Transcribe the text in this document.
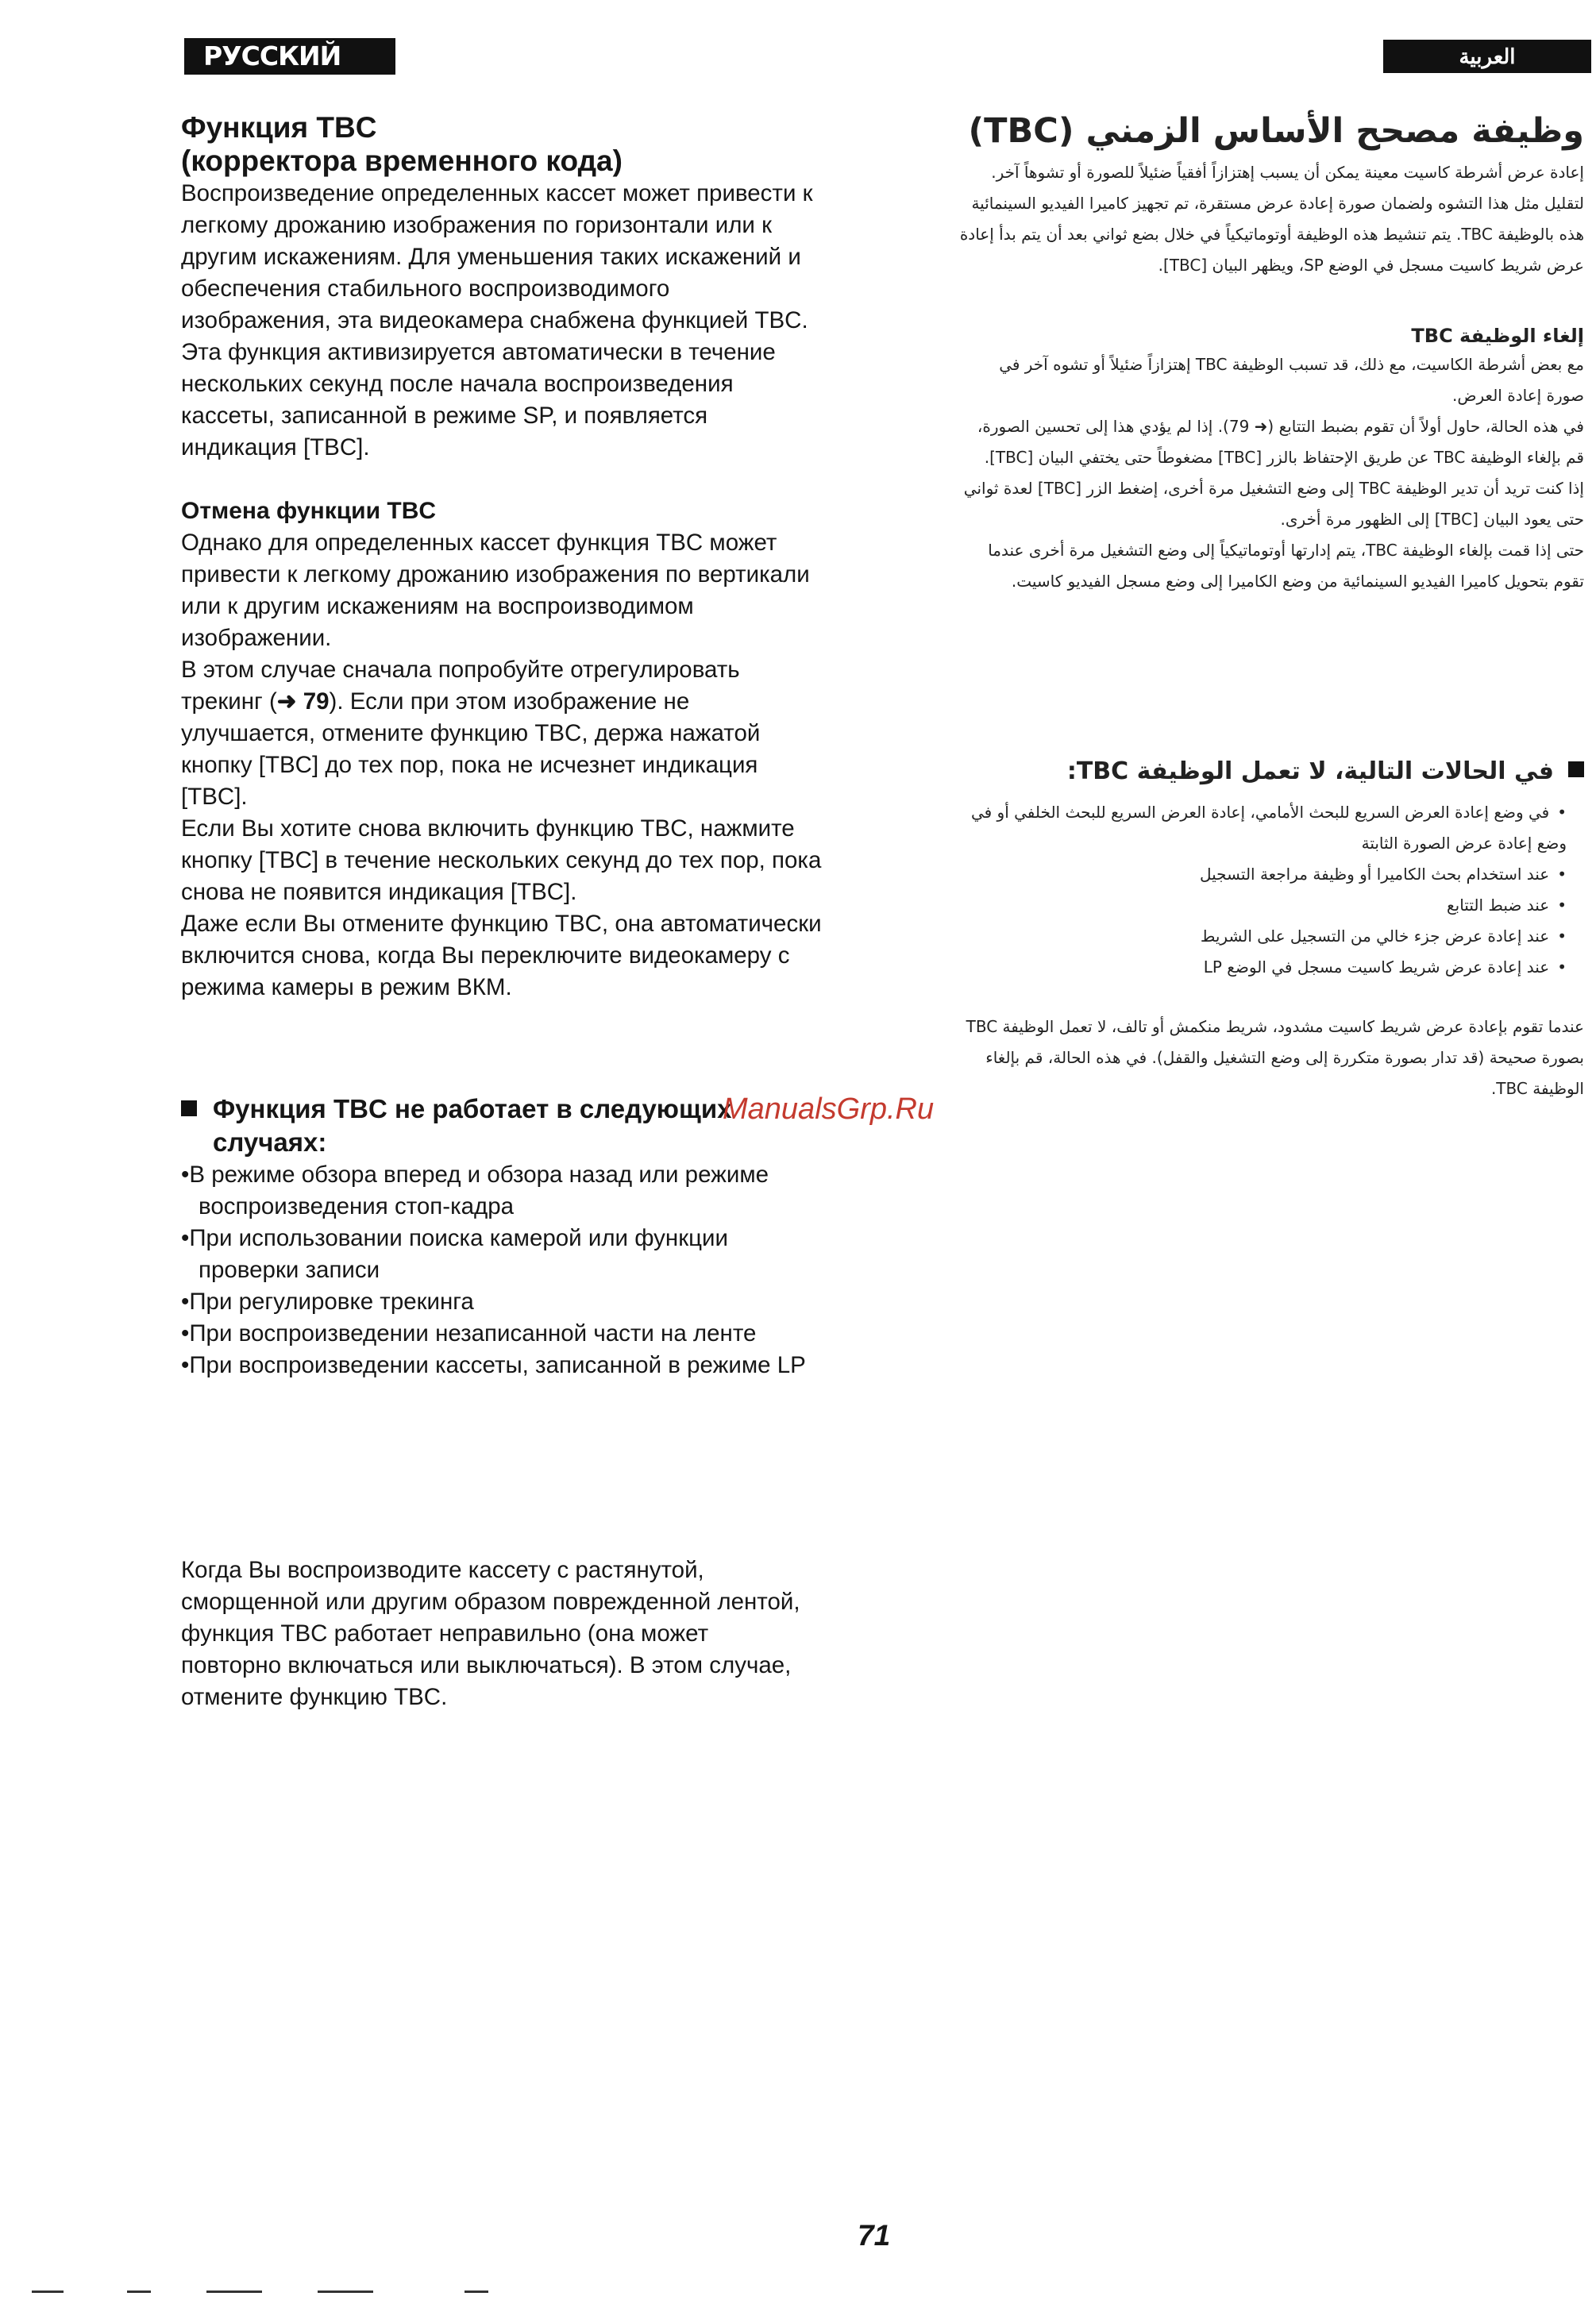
РУССКИЙ ЯЗЫК
العربية
Функция TBC
(корректора временного кода)

Воспроизведение определенных кассет может привести к легкому дрожанию изображения по горизонтали или к другим искажениям. Для уменьшения таких искажений и обеспечения стабильного воспроизводимого изображения, эта видеокамера снабжена функцией TBC. Эта функция активизируется автоматически в течение нескольких секунд после начала воспроизведения кассеты, записанной в режиме SP, и появляется индикация [TBC].

Отмена функции TBC

Однако для определенных кассет функция TBC может привести к легкому дрожанию изображения по вертикали или к другим искажениям на воспроизводимом изображении.

В этом случае сначала попробуйте отрегулировать трекинг (➜ 79). Если при этом изображение не улучшается, отмените функцию TBC, держа нажатой кнопку [TBC] до тех пор, пока не исчезнет индикация [TBC].

Если Вы хотите снова включить функцию TBC, нажмите кнопку [TBC] в течение нескольких секунд до тех пор, пока снова не появится индикация [TBC].

Даже если Вы отмените функцию TBC, она автоматически включится снова, когда Вы переключите видеокамеру с режима камеры в режим ВКМ.

Функция TBC не работает в следующих
случаях:
•В режиме обзора вперед и обзора назад или режиме воспроизведения стоп-кадра
•При использовании поиска камерой или функции проверки записи
•При регулировке трекинга
•При воспроизведении незаписанной части на ленте
•При воспроизведении кассеты, записанной в режиме LP

Когда Вы воспроизводите кассету с растянутой, сморщенной или другим образом поврежденной лентой, функция TBC работает неправильно (она может повторно включаться или выключаться). В этом случае, отмените функцию TBC.

وظيفة مصحح الأساس الزمني (TBC)

إعادة عرض أشرطة كاسيت معينة يمكن أن يسبب إهتزازاً أفقياً ضئيلاً للصورة أو تشوهاً آخر. لتقليل مثل هذا التشوه ولضمان صورة إعادة عرض مستقرة، تم تجهيز كاميرا الفيديو السينمائية هذه بالوظيفة TBC. يتم تنشيط هذه الوظيفة أوتوماتيكياً في خلال بضع ثواني بعد أن يتم بدأ إعادة عرض شريط كاسيت مسجل في الوضع SP، ويظهر البيان [TBC].

إلغاء الوظيفة TBC

مع بعض أشرطة الكاسيت، مع ذلك، قد تسبب الوظيفة TBC إهتزازاً ضئيلاً أو تشوه آخر في صورة إعادة العرض.

في هذه الحالة، حاول أولاً أن تقوم بضبط التتابع (➜ 79). إذا لم يؤدي هذا إلى تحسين الصورة، قم بإلغاء الوظيفة TBC عن طريق الإحتفاظ بالزر [TBC] مضغوطاً حتى يختفي البيان [TBC].

إذا كنت تريد أن تدير الوظيفة TBC إلى وضع التشغيل مرة أخرى، إضغط الزر [TBC] لعدة ثواني حتى يعود البيان [TBC] إلى الظهور مرة أخرى.

حتى إذا قمت بإلغاء الوظيفة TBC، يتم إدارتها أوتوماتيكياً إلى وضع التشغيل مرة أخرى عندما تقوم بتحويل كاميرا الفيديو السينمائية من وضع الكاميرا إلى وضع مسجل الفيديو كاسيت.

في الحالات التالية، لا تعمل الوظيفة TBC:
• في وضع إعادة العرض السريع للبحث الأمامي، إعادة العرض السريع للبحث الخلفي أو في وضع إعادة عرض الصورة الثابتة
• عند استخدام بحث الكاميرا أو وظيفة مراجعة التسجيل
• عند ضبط التتابع
• عند إعادة عرض جزء خالي من التسجيل على الشريط
• عند إعادة عرض شريط كاسيت مسجل في الوضع LP

عندما تقوم بإعادة عرض شريط كاسيت مشدود، شريط منكمش أو تالف، لا تعمل الوظيفة TBC بصورة صحيحة (قد تدار بصورة متكررة إلى وضع التشغيل والقفل). في هذه الحالة، قم بإلغاء الوظيفة TBC.

ManualsGrp.Ru
71
